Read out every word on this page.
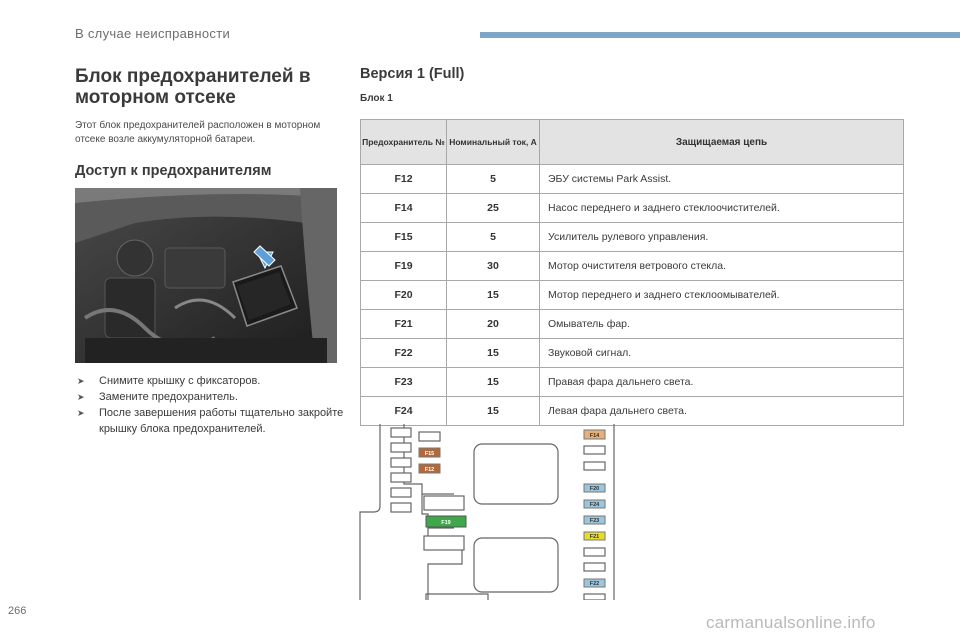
В случае неисправности
Блок предохранителей в моторном отсеке

Этот блок предохранителей расположен в моторном отсеке возле аккумуляторной батареи.

Доступ к предохранителям
➤ Снимите крышку с фиксаторов.
➤ Замените предохранитель.
➤ После завершения работы тщательно закройте крышку блока предохранителей.
Версия 1 (Full)
Блок 1
Предохранитель №	Номинальный ток, А	Защищаемая цепь
F12	5	ЭБУ системы Park Assist.
F14	25	Насос переднего и заднего стеклоочистителей.
F15	5	Усилитель рулевого управления.
F19	30	Мотор очистителя ветрового стекла.
F20	15	Мотор переднего и заднего стеклоомывателей.
F21	20	Омыватель фар.
F22	15	Звуковой сигнал.
F23	15	Правая фара дальнего света.
F24	15	Левая фара дальнего света.
F14
F15
F12
F19
F20
F24
F23
F21
F22
266
carmanualsonline.info
